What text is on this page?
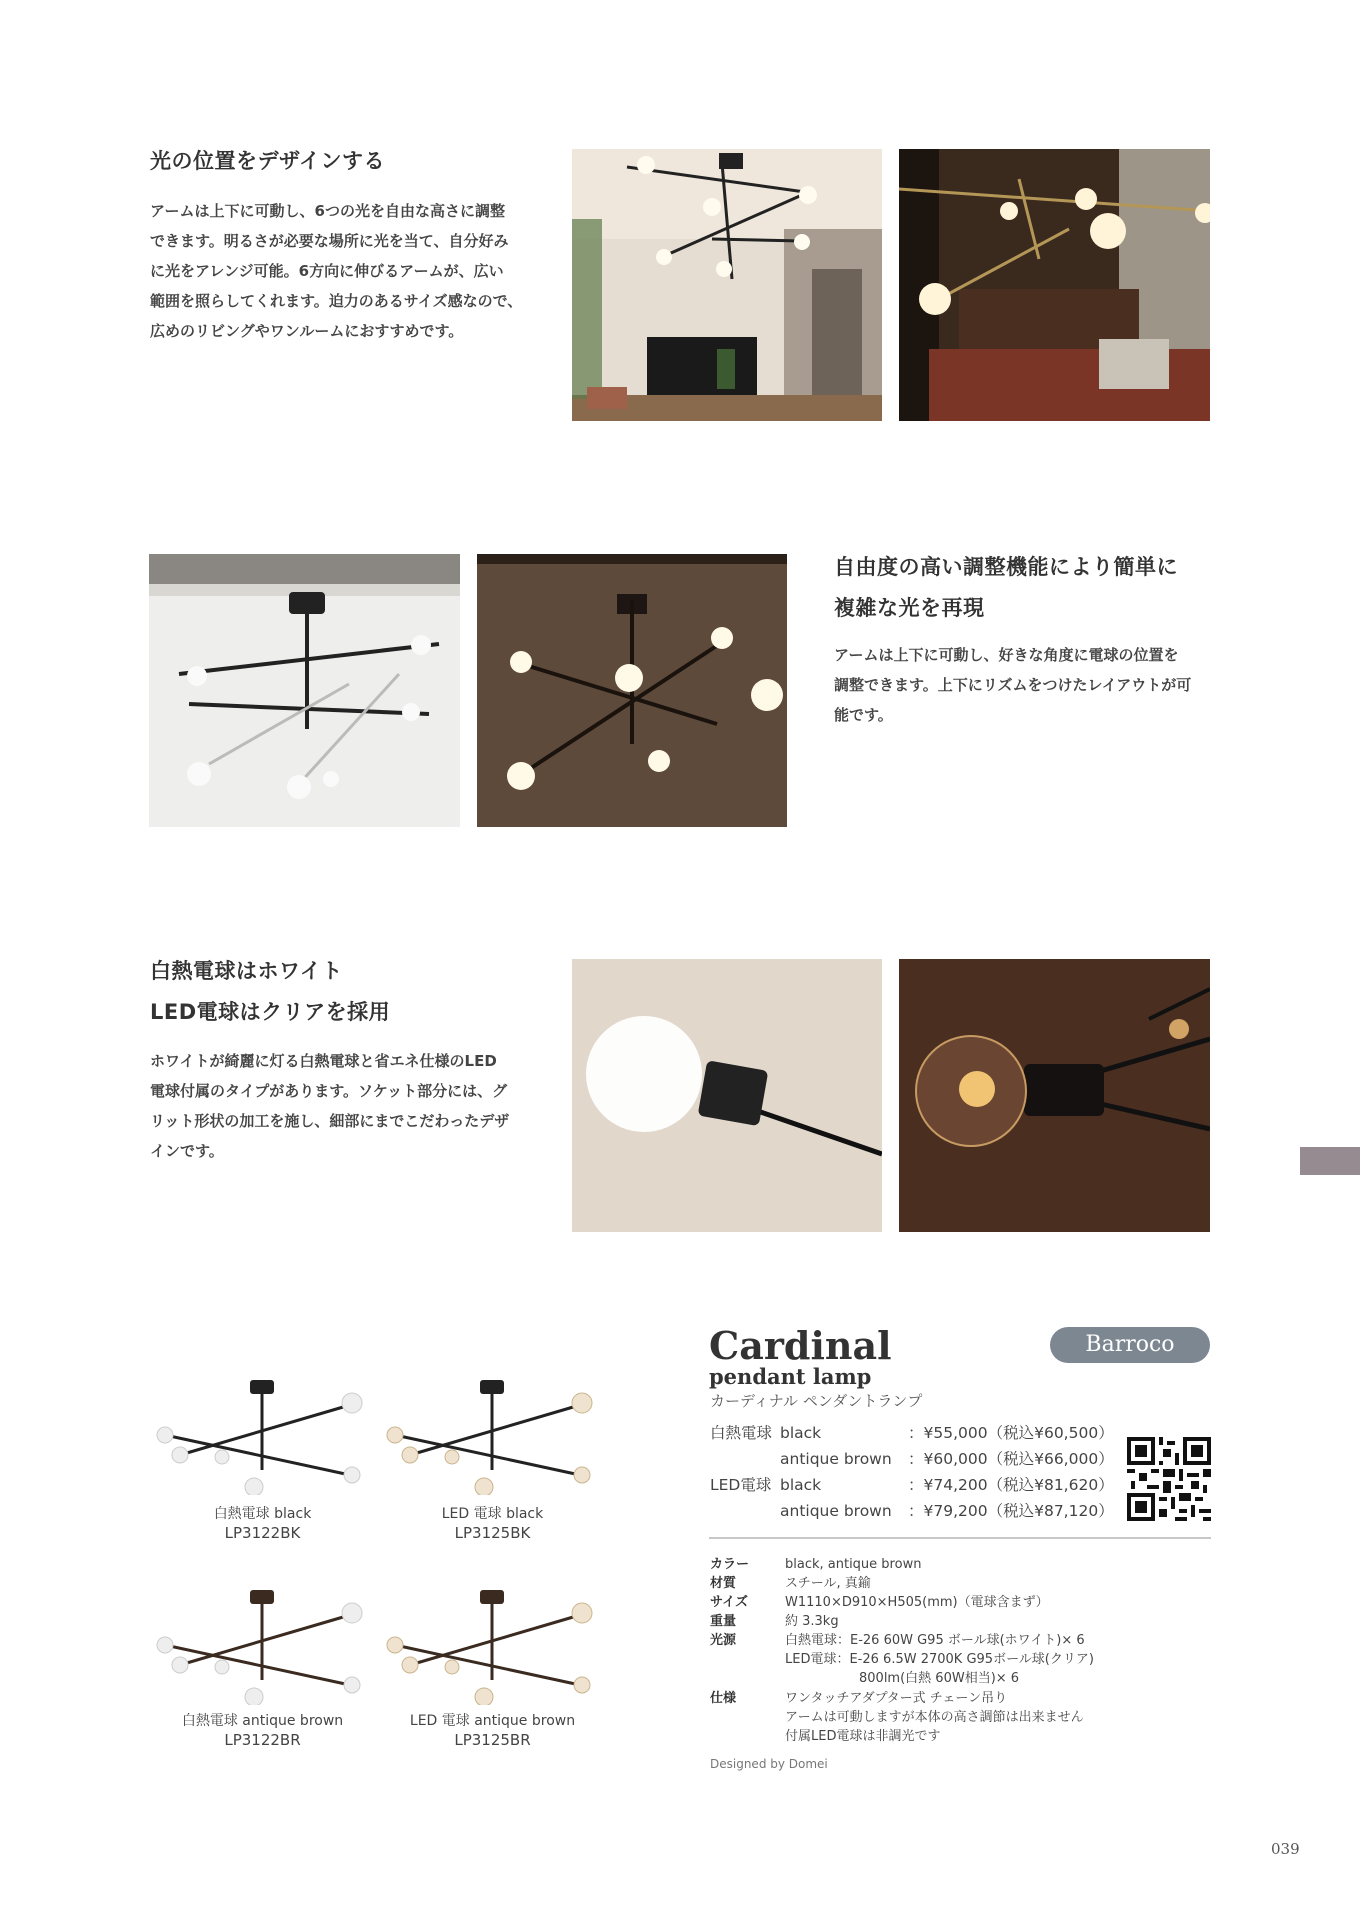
光の位置をデザインする
アームは上下に可動し、6つの光を自由な高さに調整
できます。明るさが必要な場所に光を当て、自分好み
に光をアレンジ可能。6方向に伸びるアームが、広い
範囲を照らしてくれます。迫力のあるサイズ感なので、
広めのリビングやワンルームにおすすめです。
自由度の高い調整機能により簡単に
複雑な光を再現
アームは上下に可動し、好きな角度に電球の位置を
調整できます。上下にリズムをつけたレイアウトが可
能です。
白熱電球はホワイト
LED電球はクリアを採用
ホワイトが綺麗に灯る白熱電球と省エネ仕様のLED
電球付属のタイプがあります。ソケット部分には、グ
リット形状の加工を施し、細部にまでこだわったデザ
インです。
白熱電球 black
LP3122BK
LED 電球 black
LP3125BK
白熱電球 antique brown
LP3122BR
LED 電球 antique brown
LP3125BR
Cardinal
pendant lamp
カーディナル ペンダントランプ
Barroco
白熱電球 black	：¥55,000（税込¥60,500）
antique brown ：¥60,000（税込¥66,000）
LED電球 black	：¥74,200（税込¥81,620）
antique brown ：¥79,200（税込¥87,120）
カラー	black, antique brown
材質	スチール, 真鍮
サイズ	W1110×D910×H505(mm)（電球含まず）
重量	約 3.3kg
光源	白熱電球：E-26 60W G95 ボール球(ホワイト)× 6
LED電球：E-26 6.5W 2700K G95ボール球(クリア)
800lm(白熱 60W相当)× 6
仕様	ワンタッチアダプター式 チェーン吊り
アームは可動しますが本体の高さ調節は出来ません
付属LED電球は非調光です
Designed by Domei
039
